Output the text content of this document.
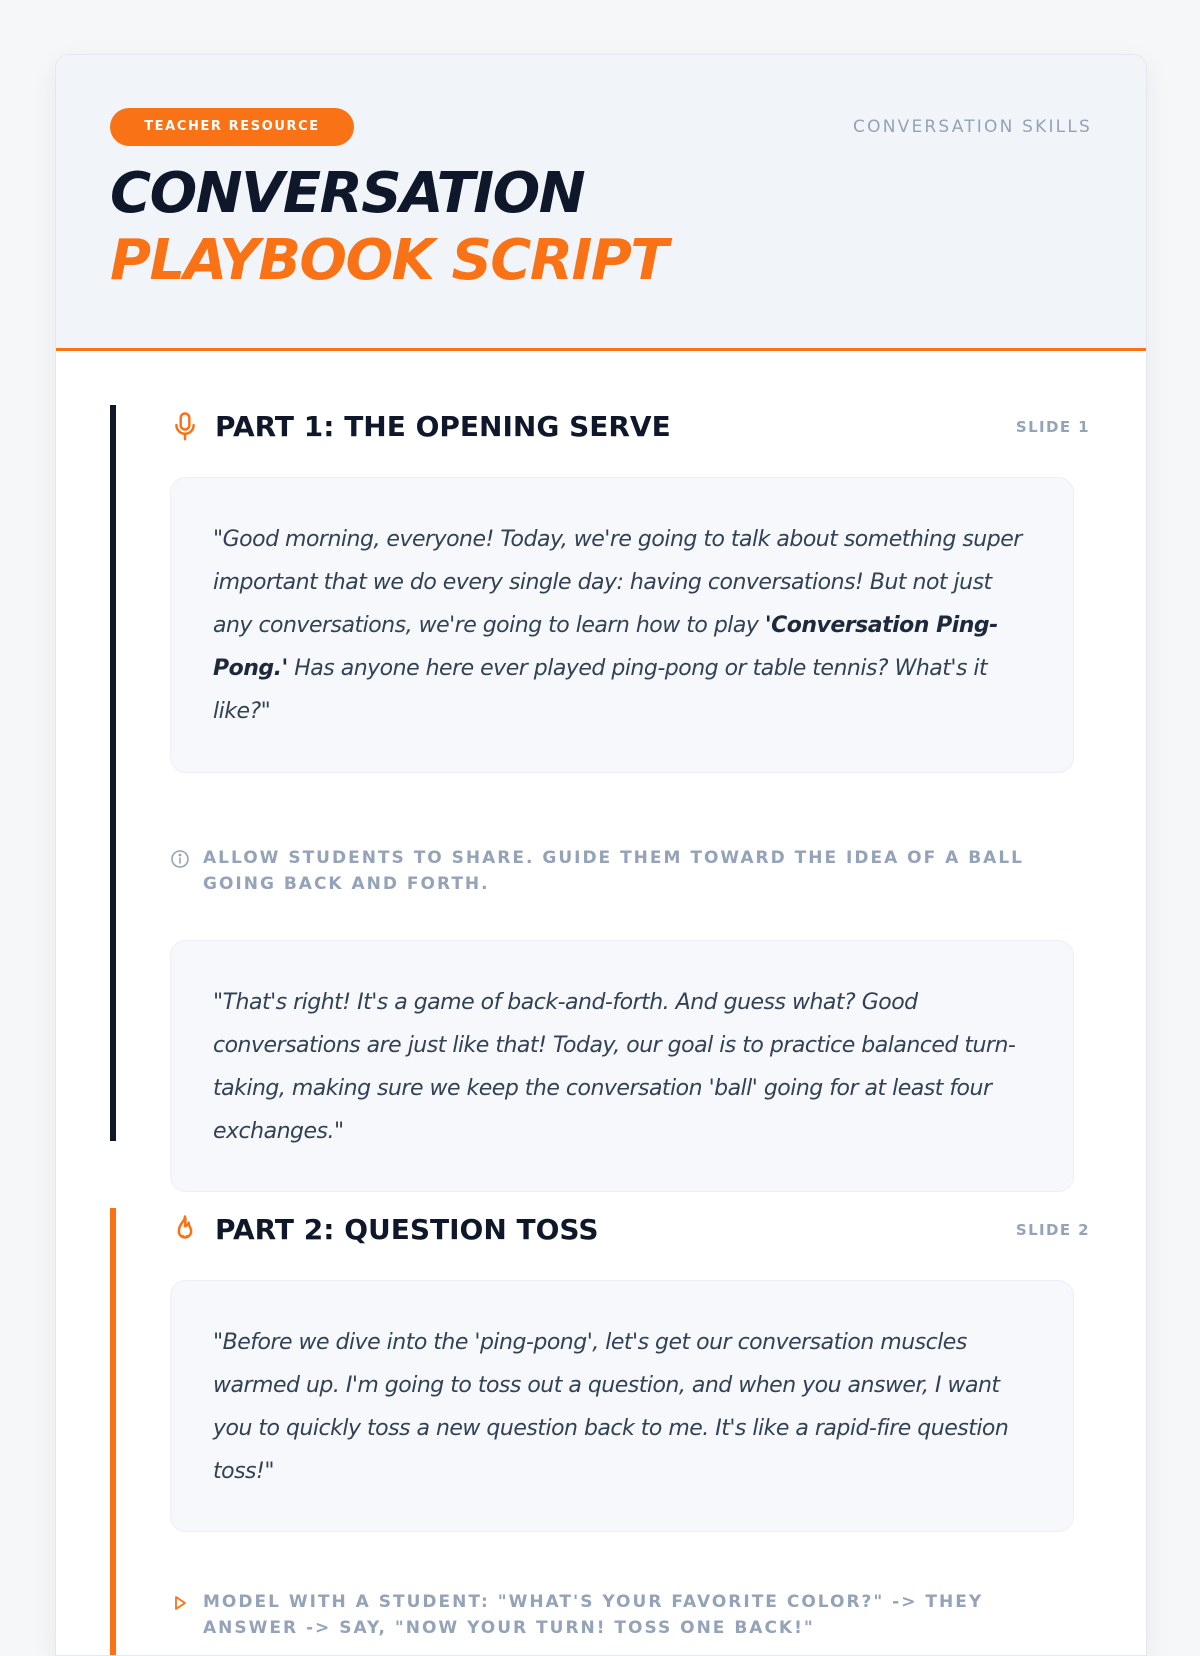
TEACHER RESOURCE	CONVERSATION SKILLS
CONVERSATION
PLAYBOOK SCRIPT
PART 1: THE OPENING SERVE	SLIDE 1
"Good morning, everyone! Today, we're going to talk about something super important that we do every single day: having conversations! But not just any conversations, we're going to learn how to play 'Conversation Ping-Pong.' Has anyone here ever played ping-pong or table tennis? What's it like?"
ALLOW STUDENTS TO SHARE. GUIDE THEM TOWARD THE IDEA OF A BALL GOING BACK AND FORTH.
"That's right! It's a game of back-and-forth. And guess what? Good conversations are just like that! Today, our goal is to practice balanced turn-taking, making sure we keep the conversation 'ball' going for at least four exchanges."
PART 2: QUESTION TOSS	SLIDE 2
"Before we dive into the 'ping-pong', let's get our conversation muscles warmed up. I'm going to toss out a question, and when you answer, I want you to quickly toss a new question back to me. It's like a rapid-fire question toss!"
MODEL WITH A STUDENT: "WHAT'S YOUR FAVORITE COLOR?" -> THEY ANSWER -> SAY, "NOW YOUR TURN! TOSS ONE BACK!"
